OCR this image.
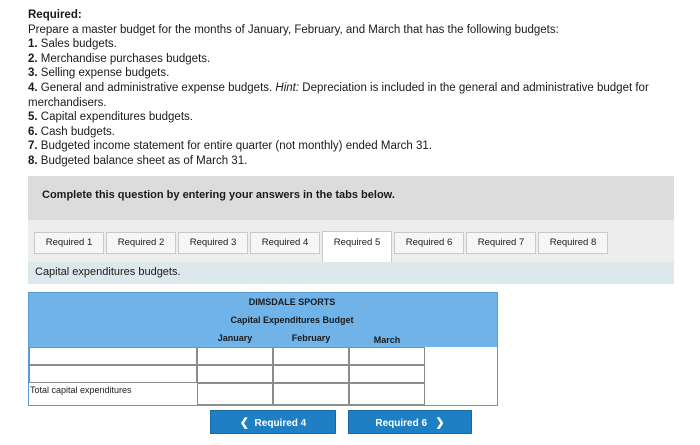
Required:
Prepare a master budget for the months of January, February, and March that has the following budgets:
1. Sales budgets.
2. Merchandise purchases budgets.
3. Selling expense budgets.
4. General and administrative expense budgets. Hint: Depreciation is included in the general and administrative budget for merchandisers.
5. Capital expenditures budgets.
6. Cash budgets.
7. Budgeted income statement for entire quarter (not monthly) ended March 31.
8. Budgeted balance sheet as of March 31.
Complete this question by entering your answers in the tabs below.
Required 1	Required 2	Required 3	Required 4	Required 5	Required 6	Required 7	Required 8
Capital expenditures budgets.
DIMSDALE SPORTS
Capital Expenditures Budget
January	February	March
Total capital expenditures
❮ Required 4	Required 6 ❯
